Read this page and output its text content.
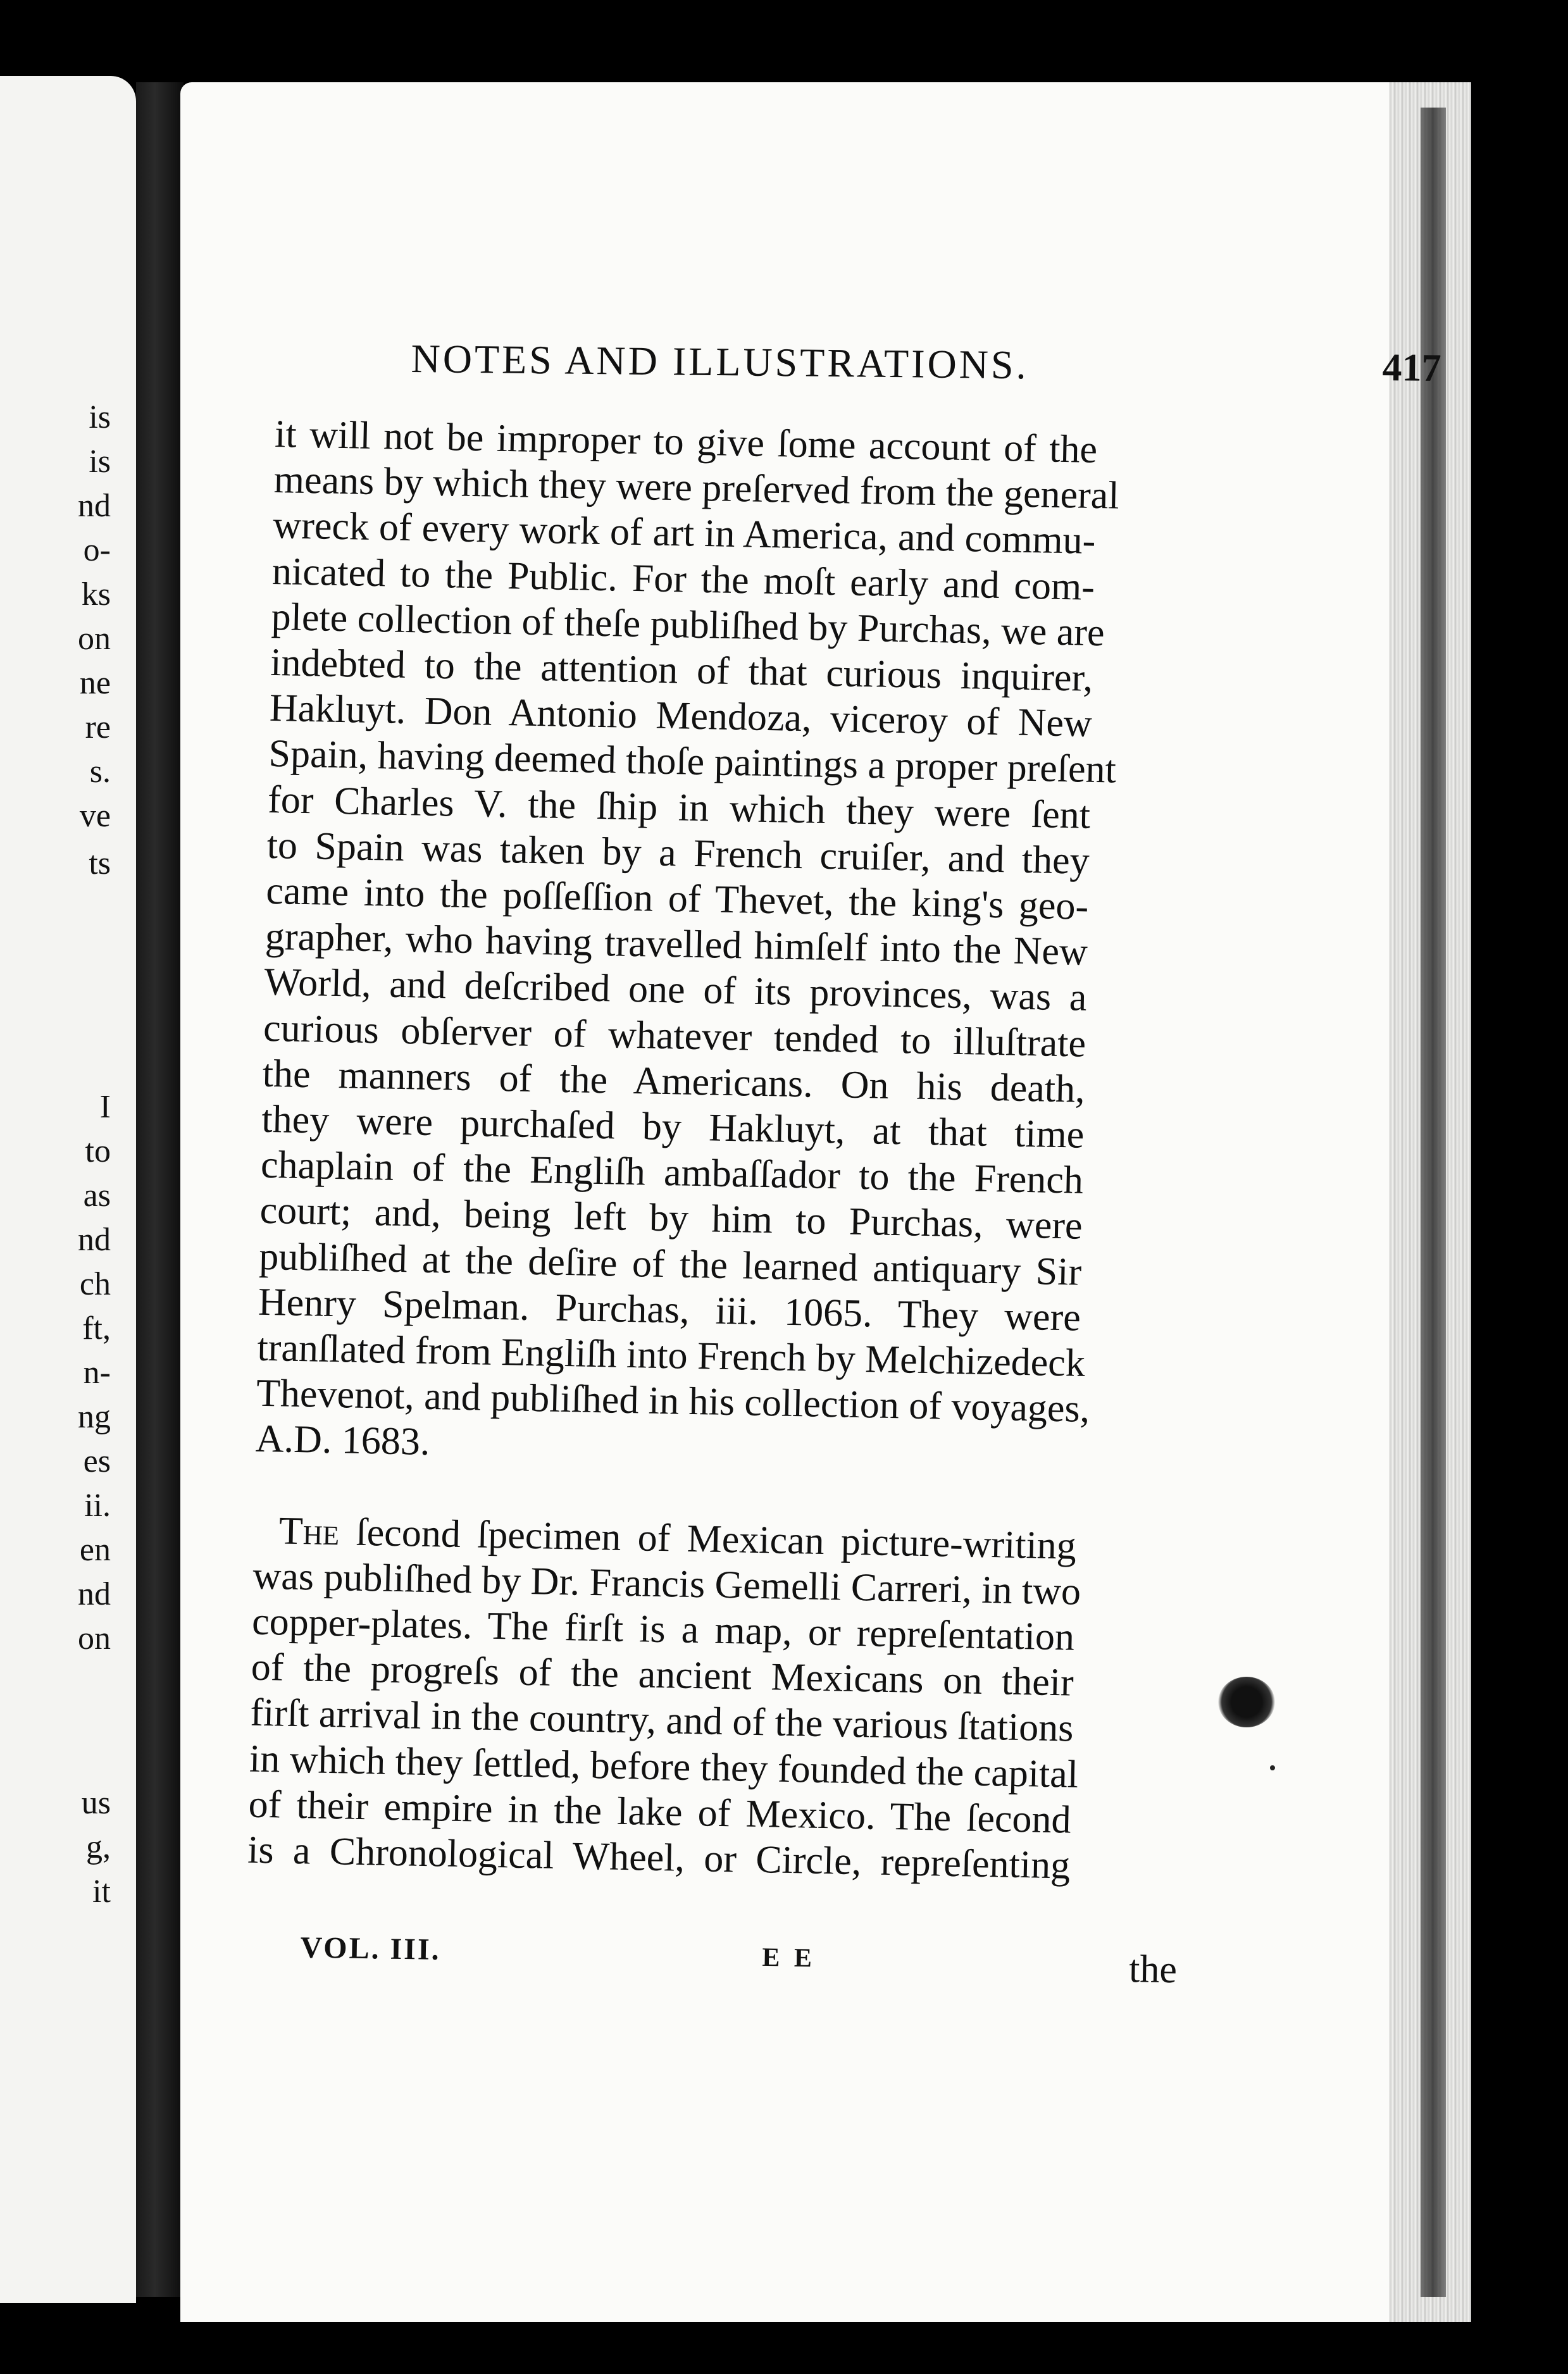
is
is
nd
o-
ks
on
ne
re
s.
ve
ts
I
to
as
nd
ch
ft,
n-
ng
es
ii.
en
nd
on
us
g,
it
NOTES AND ILLUSTRATIONS.	417
it will not be improper to give ſome account of the
means by which they were preſerved from the general
wreck of every work of art in America, and commu-
nicated to the Public. For the moſt early and com-
plete collection of theſe publiſhed by Purchas, we are
indebted to the attention of that curious inquirer,
Hakluyt. Don Antonio Mendoza, viceroy of New
Spain, having deemed thoſe paintings a proper preſent
for Charles V. the ſhip in which they were ſent
to Spain was taken by a French cruiſer, and they
came into the poſſeſſion of Thevet, the king's geo-
grapher, who having travelled himſelf into the New
World, and deſcribed one of its provinces, was a
curious obſerver of whatever tended to illuſtrate
the manners of the Americans. On his death,
they were purchaſed by Hakluyt, at that time
chaplain of the Engliſh ambaſſador to the French
court; and, being left by him to Purchas, were
publiſhed at the deſire of the learned antiquary Sir
Henry Spelman. Purchas, iii. 1065. They were
tranſlated from Engliſh into French by Melchizedeck
Thevenot, and publiſhed in his collection of voyages,
A.D. 1683.
The ſecond ſpecimen of Mexican picture-writing
was publiſhed by Dr. Francis Gemelli Carreri, in two
copper-plates. The firſt is a map, or repreſentation
of the progreſs of the ancient Mexicans on their
firſt arrival in the country, and of the various ſtations
in which they ſettled, before they founded the capital
of their empire in the lake of Mexico. The ſecond
is a Chronological Wheel, or Circle, repreſenting
VOL. III.	E E	the
